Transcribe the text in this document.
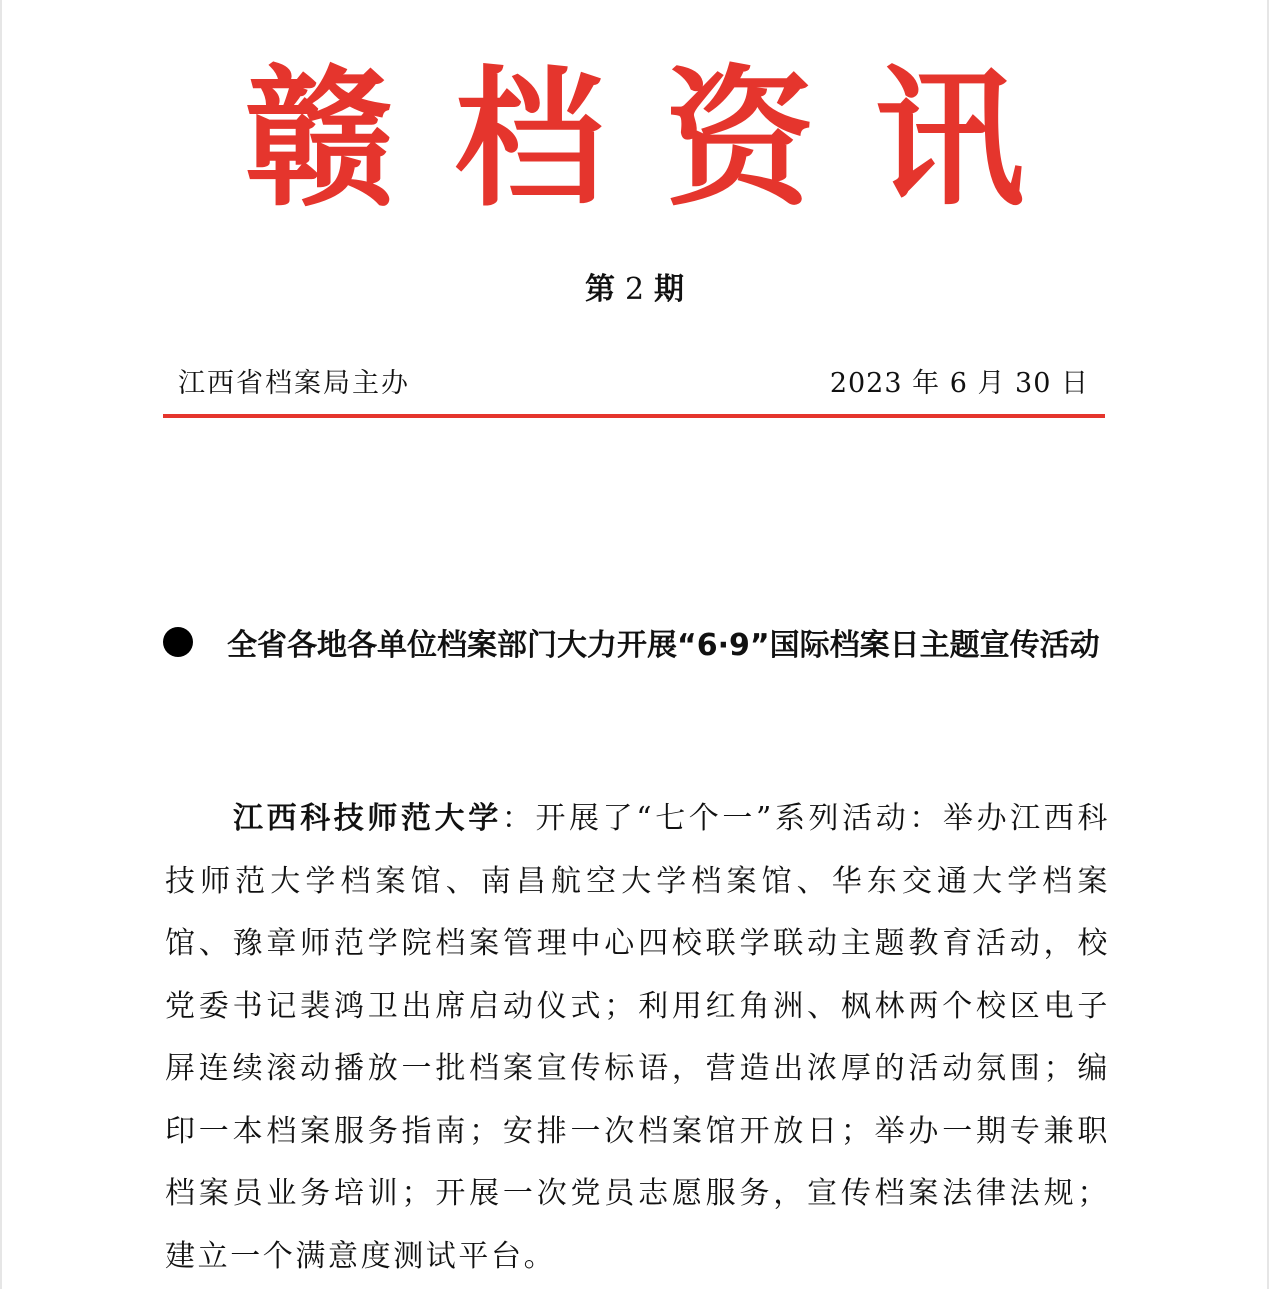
赣档资讯
第 2 期
江西省档案局主办	2023 年 6 月 30 日
全省各地各单位档案部门大力开展“6·9”国际档案日主题宣传活动
江西科技师范大学：开展了“七个一”系列活动：举办江西科技师范大学档案馆、南昌航空大学档案馆、华东交通大学档案馆、豫章师范学院档案管理中心四校联学联动主题教育活动，校党委书记裴鸿卫出席启动仪式；利用红角洲、枫林两个校区电子屏连续滚动播放一批档案宣传标语，营造出浓厚的活动氛围；编印一本档案服务指南；安排一次档案馆开放日；举办一期专兼职档案员业务培训；开展一次党员志愿服务，宣传档案法律法规；建立一个满意度测试平台。
